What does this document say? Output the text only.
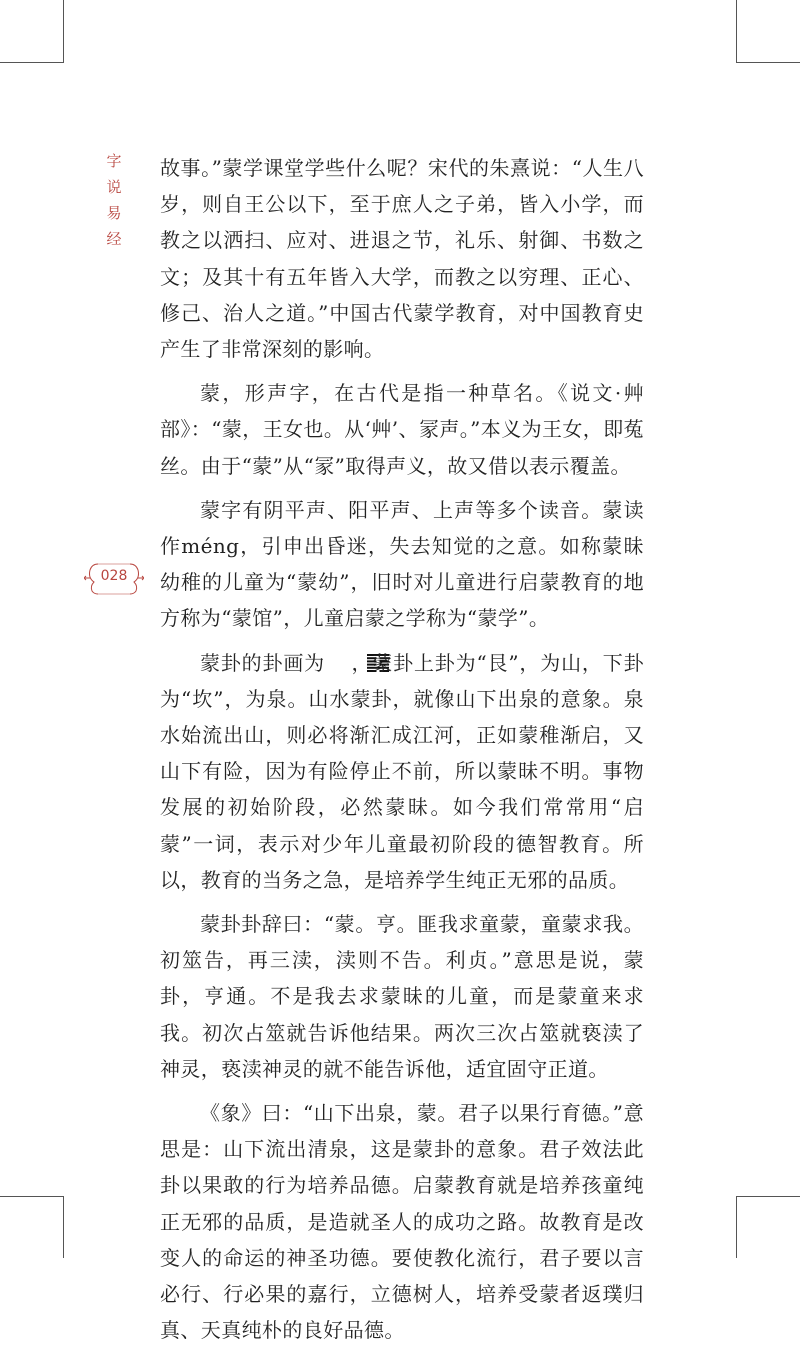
字
说
易
经
028

故事。”蒙学课堂学些什么呢？宋代的朱熹说：“人生八岁，则自王公以下，至于庶人之子弟，皆入小学，而教之以洒扫、应对、进退之节，礼乐、射御、书数之文；及其十有五年皆入大学，而教之以穷理、正心、修己、治人之道。”中国古代蒙学教育，对中国教育史产生了非常深刻的影响。

蒙，形声字，在古代是指一种草名。《说文·艸部》：“蒙，王女也。从‘艸’、冡声。”本义为王女，即菟丝。由于“蒙”从“冡”取得声义，故又借以表示覆盖。

蒙字有阴平声、阳平声、上声等多个读音。蒙读作méng，引申出昏迷，失去知觉的之意。如称蒙昧幼稚的儿童为“蒙幼”，旧时对儿童进行启蒙教育的地方称为“蒙馆”，儿童启蒙之学称为“蒙学”。

蒙卦的卦画为 ，蒙卦上卦为“艮”，为山，下卦为“坎”，为泉。山水蒙卦，就像山下出泉的意象。泉水始流出山，则必将渐汇成江河，正如蒙稚渐启，又山下有险，因为有险停止不前，所以蒙昧不明。事物发展的初始阶段，必然蒙昧。如今我们常常用“启蒙”一词，表示对少年儿童最初阶段的德智教育。所以，教育的当务之急，是培养学生纯正无邪的品质。

蒙卦卦辞曰：“蒙。亨。匪我求童蒙，童蒙求我。初筮告，再三渎，渎则不告。利贞。”意思是说，蒙卦，亨通。不是我去求蒙昧的儿童，而是蒙童来求我。初次占筮就告诉他结果。两次三次占筮就亵渎了神灵，亵渎神灵的就不能告诉他，适宜固守正道。

《象》曰：“山下出泉，蒙。君子以果行育德。”意思是：山下流出清泉，这是蒙卦的意象。君子效法此卦以果敢的行为培养品德。启蒙教育就是培养孩童纯正无邪的品质，是造就圣人的成功之路。故教育是改变人的命运的神圣功德。要使教化流行，君子要以言必行、行必果的嘉行，立德树人，培养受蒙者返璞归真、天真纯朴的良好品德。
